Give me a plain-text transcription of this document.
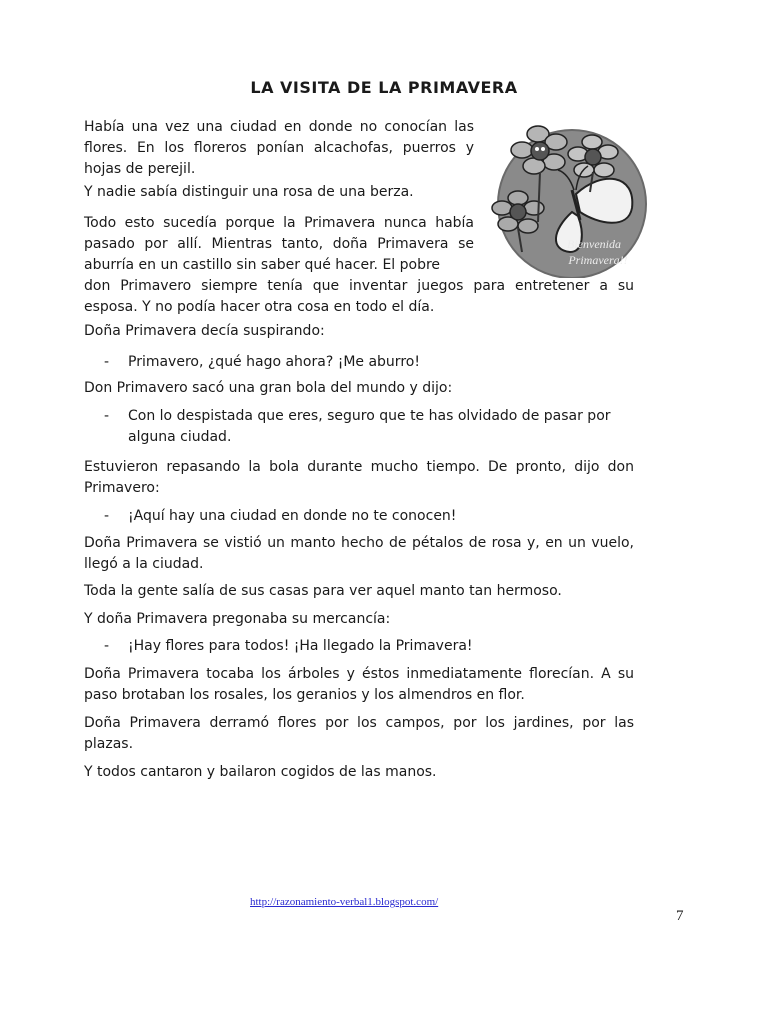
LA VISITA DE LA PRIMAVERA

Había una vez una ciudad en donde no conocían las flores. En los floreros ponían alcachofas, puerros y hojas de perejil.

Y nadie sabía distinguir una rosa de una berza.

Todo esto sucedía porque la Primavera nunca había pasado por allí. Mientras tanto, doña Primavera se aburría en un castillo sin saber qué hacer. El pobre

don Primavero siempre tenía que inventar juegos para entretener a su esposa. Y no podía hacer otra cosa en todo el día.

Doña Primavera decía suspirando:

- Primavero, ¿qué hago ahora? ¡Me aburro!

Don Primavero sacó una gran bola del mundo y dijo:

- Con lo despistada que eres, seguro que te has olvidado de pasar por alguna ciudad.

Estuvieron repasando la bola durante mucho tiempo. De pronto, dijo don Primavero:

- ¡Aquí hay una ciudad en donde no te conocen!

Doña Primavera se vistió un manto hecho de pétalos de rosa y, en un vuelo, llegó a la ciudad.

Toda la gente salía de sus casas para ver aquel manto tan hermoso.

Y doña Primavera pregonaba su mercancía:

- ¡Hay flores para todos! ¡Ha llegado la Primavera!

Doña Primavera tocaba los árboles y éstos inmediatamente florecían. A su paso brotaban los rosales, los geranios y los almendros en flor.

Doña Primavera derramó flores por los campos, por los jardines, por las plazas.

Y todos cantaron y bailaron cogidos de las manos.

Bienvenida
Primavera!!
http://razonamiento-verbal1.blogspot.com/
7
